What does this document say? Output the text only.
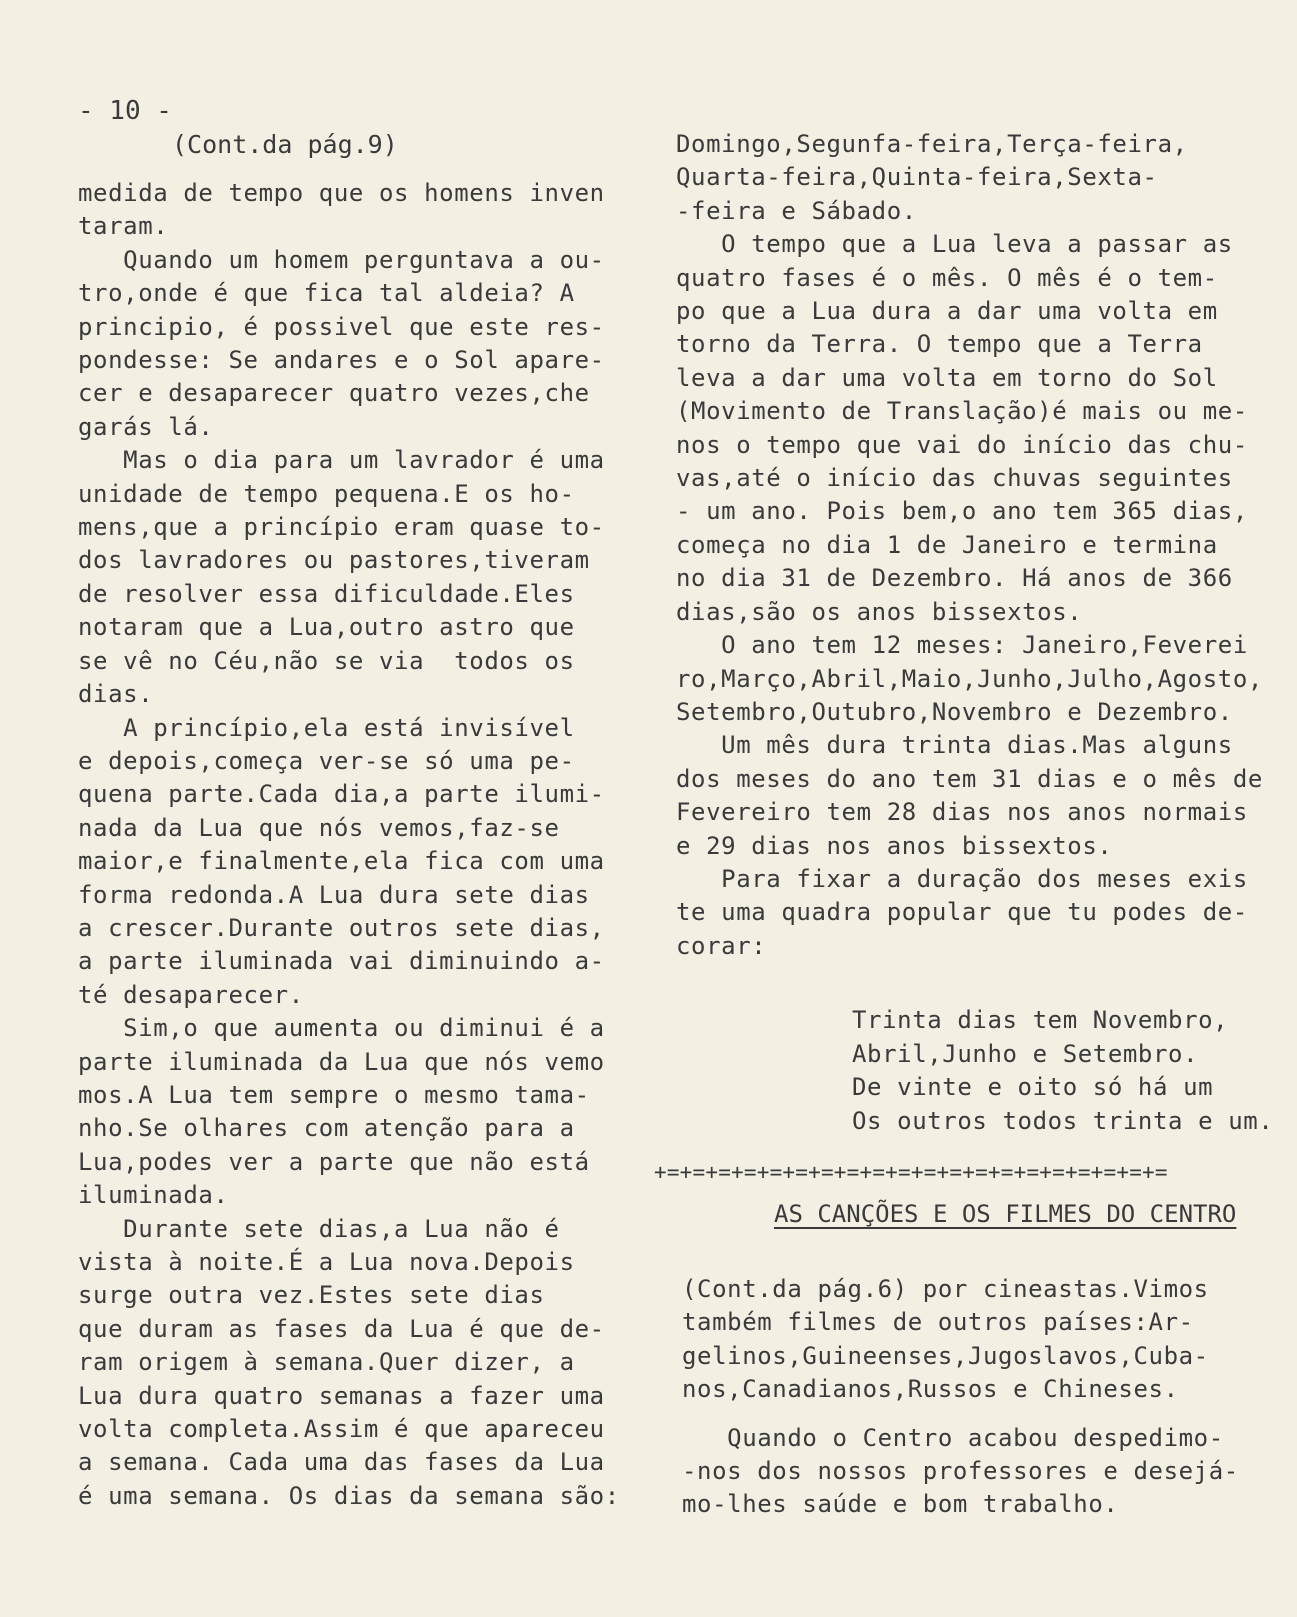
- 10 -
(Cont.da pág.9)

medida de tempo que os homens inven

taram.

Quando um homem perguntava a ou-

tro,onde é que fica tal aldeia? A

principio, é possivel que este res-

pondesse: Se andares e o Sol apare-

cer e desaparecer quatro vezes,che

garás lá.

Mas o dia para um lavrador é uma

unidade de tempo pequena.E os ho-

mens,que a princípio eram quase to-

dos lavradores ou pastores,tiveram

de resolver essa dificuldade.Eles

notaram que a Lua,outro astro que

se vê no Céu,não se via  todos os

dias.

A princípio,ela está invisível

e depois,começa ver-se só uma pe-

quena parte.Cada dia,a parte ilumi-

nada da Lua que nós vemos,faz-se

maior,e finalmente,ela fica com uma

forma redonda.A Lua dura sete dias

a crescer.Durante outros sete dias,

a parte iluminada vai diminuindo a-

té desaparecer.

Sim,o que aumenta ou diminui é a

parte iluminada da Lua que nós vemo

mos.A Lua tem sempre o mesmo tama-

nho.Se olhares com atenção para a

Lua,podes ver a parte que não está

iluminada.

Durante sete dias,a Lua não é

vista à noite.É a Lua nova.Depois

surge outra vez.Estes sete dias

que duram as fases da Lua é que de-

ram origem à semana.Quer dizer, a

Lua dura quatro semanas a fazer uma

volta completa.Assim é que apareceu

a semana. Cada uma das fases da Lua

é uma semana. Os dias da semana são:

Domingo,Segunfa-feira,Terça-feira,

Quarta-feira,Quinta-feira,Sexta-

-feira e Sábado.

O tempo que a Lua leva a passar as

quatro fases é o mês. O mês é o tem-

po que a Lua dura a dar uma volta em

torno da Terra. O tempo que a Terra

leva a dar uma volta em torno do Sol

(Movimento de Translação)é mais ou me-

nos o tempo que vai do início das chu-

vas,até o início das chuvas seguintes

- um ano. Pois bem,o ano tem 365 dias,

começa no dia 1 de Janeiro e termina

no dia 31 de Dezembro. Há anos de 366

dias,são os anos bissextos.

O ano tem 12 meses: Janeiro,Feverei

ro,Março,Abril,Maio,Junho,Julho,Agosto,

Setembro,Outubro,Novembro e Dezembro.

Um mês dura trinta dias.Mas alguns

dos meses do ano tem 31 dias e o mês de

Fevereiro tem 28 dias nos anos normais

e 29 dias nos anos bissextos.

Para fixar a duração dos meses exis

te uma quadra popular que tu podes de-

corar:

Trinta dias tem Novembro,

Abril,Junho e Setembro.

De vinte e oito só há um

Os outros todos trinta e um.

+=+=+=+=+=+=+=+=+=+=+=+=+=+=+=+=+=+=+=+=
AS CANÇÕES E OS FILMES DO CENTRO

(Cont.da pág.6) por cineastas.Vimos

também filmes de outros países:Ar-

gelinos,Guineenses,Jugoslavos,Cuba-

nos,Canadianos,Russos e Chineses.

Quando o Centro acabou despedimo-

-nos dos nossos professores e desejá-

mo-lhes saúde e bom trabalho.
